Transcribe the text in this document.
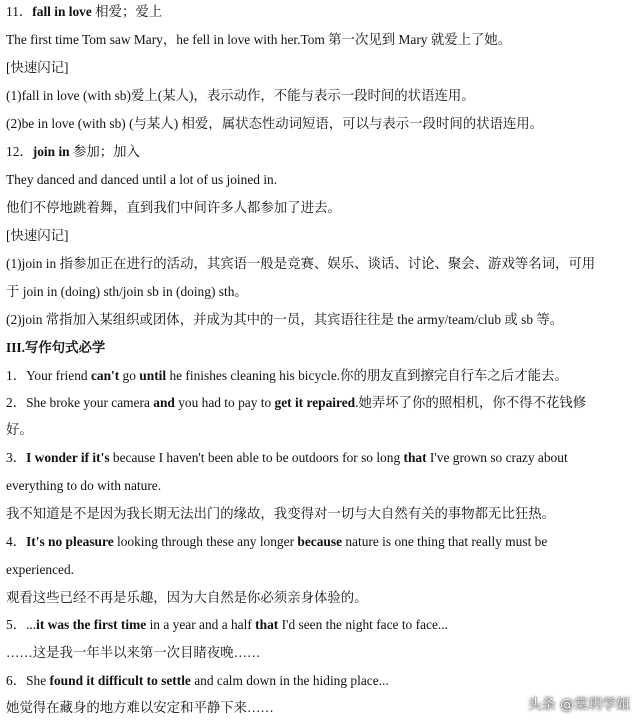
11．fall in love 相爱；爱上
The first time Tom saw Mary，he fell in love with her.Tom 第一次见到 Mary 就爱上了她。
[快速闪记]
(1)fall in love (with sb)爱上(某人)，表示动作，不能与表示一段时间的状语连用。
(2)be in love (with sb) (与某人) 相爱，属状态性动词短语，可以与表示一段时间的状语连用。
12．join in 参加；加入
They danced and danced until a lot of us joined in.
他们不停地跳着舞，直到我们中间许多人都参加了进去。
[快速闪记]
(1)join in 指参加正在进行的活动，其宾语一般是竞赛、娱乐、谈话、讨论、聚会、游戏等名词，可用
于 join in (doing) sth/join sb in (doing) sth。
(2)join 常指加入某组织或团体，并成为其中的一员，其宾语往往是 the army/team/club 或 sb 等。
III.写作句式必学
1．Your friend can't go until he finishes cleaning his bicycle.你的朋友直到擦完自行车之后才能去。
2．She broke your camera and you had to pay to get it repaired.她弄坏了你的照相机，你不得不花钱修
好。
3．I wonder if it's because I haven't been able to be outdoors for so long that I've grown so crazy about
everything to do with nature.
我不知道是不是因为我长期无法出门的缘故，我变得对一切与大自然有关的事物都无比狂热。
4．It's no pleasure looking through these any longer because nature is one thing that really must be
experienced.
观看这些已经不再是乐趣，因为大自然是你必须亲身体验的。
5．...it was the first time in a year and a half that I'd seen the night face to face...
……这是我一年半以来第一次目睹夜晚……
6．She found it difficult to settle and calm down in the hiding place...
她觉得在藏身的地方难以安定和平静下来……	头条 @棠玥学姐
